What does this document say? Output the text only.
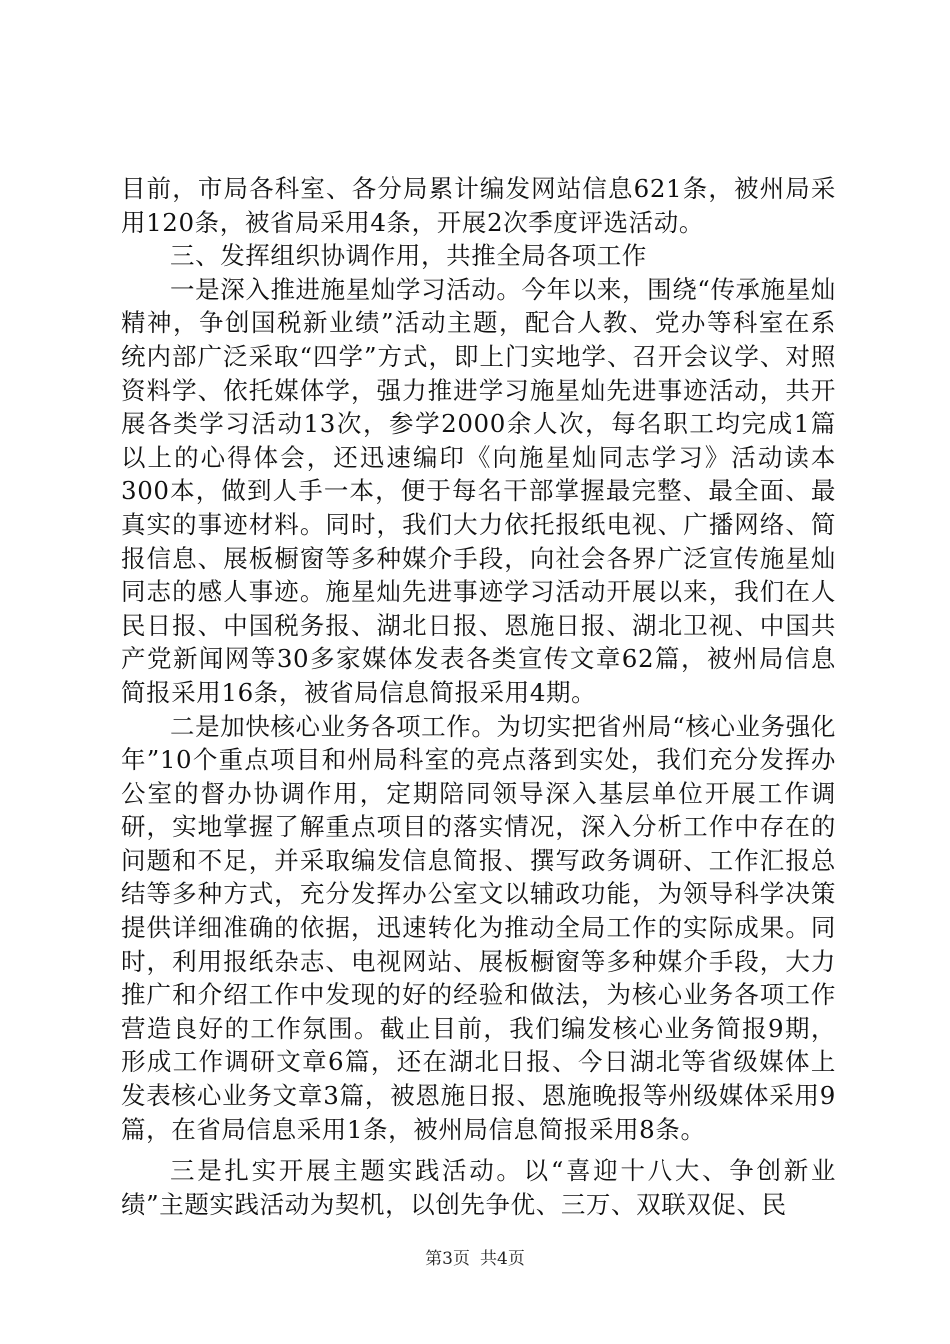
目前，市局各科室、各分局累计编发网站信息621条，被州局采用120条，被省局采用4条，开展2次季度评选活动。

三、发挥组织协调作用，共推全局各项工作

一是深入推进施星灿学习活动。今年以来，围绕“传承施星灿精神，争创国税新业绩”活动主题，配合人教、党办等科室在系统内部广泛采取“四学”方式，即上门实地学、召开会议学、对照资料学、依托媒体学，强力推进学习施星灿先进事迹活动，共开展各类学习活动13次，参学2000余人次，每名职工均完成1篇以上的心得体会，还迅速编印《向施星灿同志学习》活动读本300本，做到人手一本，便于每名干部掌握最完整、最全面、最真实的事迹材料。同时，我们大力依托报纸电视、广播网络、简报信息、展板橱窗等多种媒介手段，向社会各界广泛宣传施星灿同志的感人事迹。施星灿先进事迹学习活动开展以来，我们在人民日报、中国税务报、湖北日报、恩施日报、湖北卫视、中国共产党新闻网等30多家媒体发表各类宣传文章62篇，被州局信息简报采用16条，被省局信息简报采用4期。

二是加快核心业务各项工作。为切实把省州局“核心业务强化年”10个重点项目和州局科室的亮点落到实处，我们充分发挥办公室的督办协调作用，定期陪同领导深入基层单位开展工作调研，实地掌握了解重点项目的落实情况，深入分析工作中存在的问题和不足，并采取编发信息简报、撰写政务调研、工作汇报总结等多种方式，充分发挥办公室文以辅政功能，为领导科学决策提供详细准确的依据，迅速转化为推动全局工作的实际成果。同时，利用报纸杂志、电视网站、展板橱窗等多种媒介手段，大力推广和介绍工作中发现的好的经验和做法，为核心业务各项工作营造良好的工作氛围。截止目前，我们编发核心业务简报9期，形成工作调研文章6篇，还在湖北日报、今日湖北等省级媒体上发表核心业务文章3篇，被恩施日报、恩施晚报等州级媒体采用9篇，在省局信息采用1条，被州局信息简报采用8条。

三是扎实开展主题实践活动。以“喜迎十八大、争创新业绩”主题实践活动为契机，以创先争优、三万、双联双促、民

第3页 共4页
